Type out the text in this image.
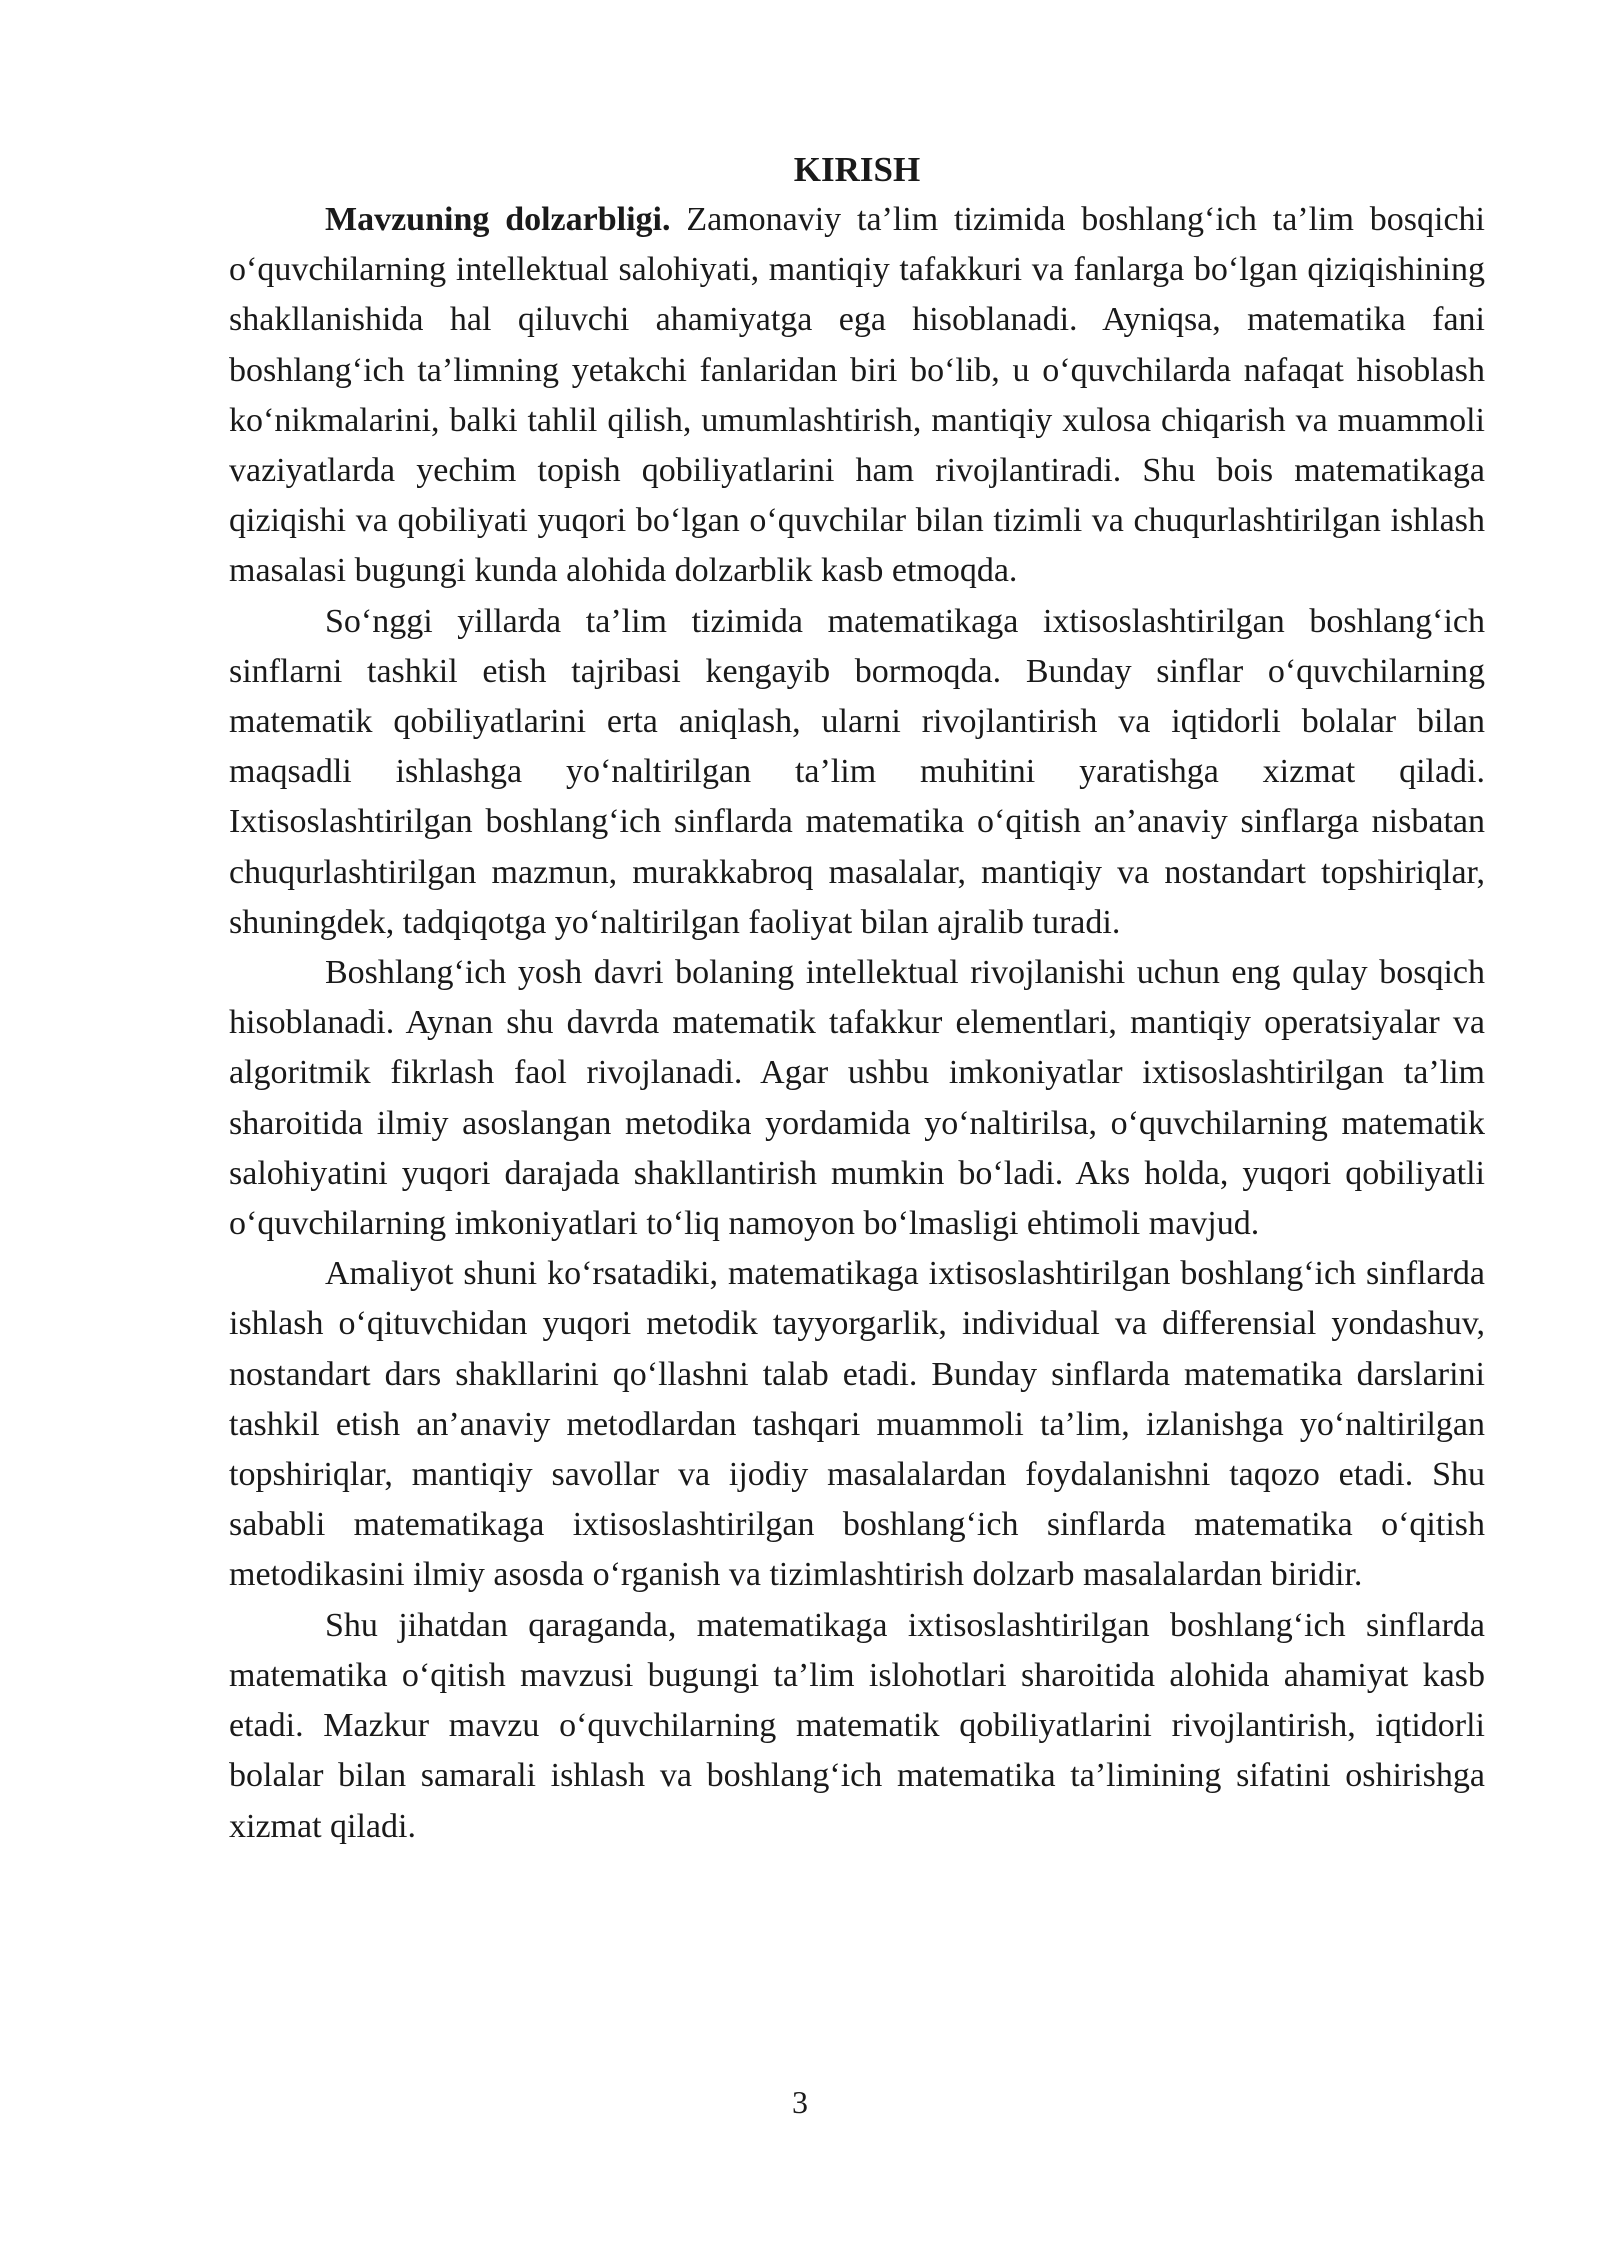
KIRISH

Mavzuning dolzarbligi. Zamonaviy ta’lim tizimida boshlang‘ich ta’lim bosqichi o‘quvchilarning intellektual salohiyati, mantiqiy tafakkuri va fanlarga bo‘lgan qiziqishining shakllanishida hal qiluvchi ahamiyatga ega hisoblanadi. Ayniqsa, matematika fani boshlang‘ich ta’limning yetakchi fanlaridan biri bo‘lib, u o‘quvchilarda nafaqat hisoblash ko‘nikmalarini, balki tahlil qilish, umumlashtirish, mantiqiy xulosa chiqarish va muammoli vaziyatlarda yechim topish qobiliyatlarini ham rivojlantiradi. Shu bois matematikaga qiziqishi va qobiliyati yuqori bo‘lgan o‘quvchilar bilan tizimli va chuqurlashtirilgan ishlash masalasi bugungi kunda alohida dolzarblik kasb etmoqda.

So‘nggi yillarda ta’lim tizimida matematikaga ixtisoslashtirilgan boshlang‘ich sinflarni tashkil etish tajribasi kengayib bormoqda. Bunday sinflar o‘quvchilarning matematik qobiliyatlarini erta aniqlash, ularni rivojlantirish va iqtidorli bolalar bilan maqsadli ishlashga yo‘naltirilgan ta’lim muhitini yaratishga xizmat qiladi. Ixtisoslashtirilgan boshlang‘ich sinflarda matematika o‘qitish an’anaviy sinflarga nisbatan chuqurlashtirilgan mazmun, murakkabroq masalalar, mantiqiy va nostandart topshiriqlar, shuningdek, tadqiqotga yo‘naltirilgan faoliyat bilan ajralib turadi.

Boshlang‘ich yosh davri bolaning intellektual rivojlanishi uchun eng qulay bosqich hisoblanadi. Aynan shu davrda matematik tafakkur elementlari, mantiqiy operatsiyalar va algoritmik fikrlash faol rivojlanadi. Agar ushbu imkoniyatlar ixtisoslashtirilgan ta’lim sharoitida ilmiy asoslangan metodika yordamida yo‘naltirilsa, o‘quvchilarning matematik salohiyatini yuqori darajada shakllantirish mumkin bo‘ladi. Aks holda, yuqori qobiliyatli o‘quvchilarning imkoniyatlari to‘liq namoyon bo‘lmasligi ehtimoli mavjud.

Amaliyot shuni ko‘rsatadiki, matematikaga ixtisoslashtirilgan boshlang‘ich sinflarda ishlash o‘qituvchidan yuqori metodik tayyorgarlik, individual va differensial yondashuv, nostandart dars shakllarini qo‘llashni talab etadi. Bunday sinflarda matematika darslarini tashkil etish an’anaviy metodlardan tashqari muammoli ta’lim, izlanishga yo‘naltirilgan topshiriqlar, mantiqiy savollar va ijodiy masalalardan foydalanishni taqozo etadi. Shu sababli matematikaga ixtisoslashtirilgan boshlang‘ich sinflarda matematika o‘qitish metodikasini ilmiy asosda o‘rganish va tizimlashtirish dolzarb masalalardan biridir.

Shu jihatdan qaraganda, matematikaga ixtisoslashtirilgan boshlang‘ich sinflarda matematika o‘qitish mavzusi bugungi ta’lim islohotlari sharoitida alohida ahamiyat kasb etadi. Mazkur mavzu o‘quvchilarning matematik qobiliyatlarini rivojlantirish, iqtidorli bolalar bilan samarali ishlash va boshlang‘ich matematika ta’limining sifatini oshirishga xizmat qiladi.

3
